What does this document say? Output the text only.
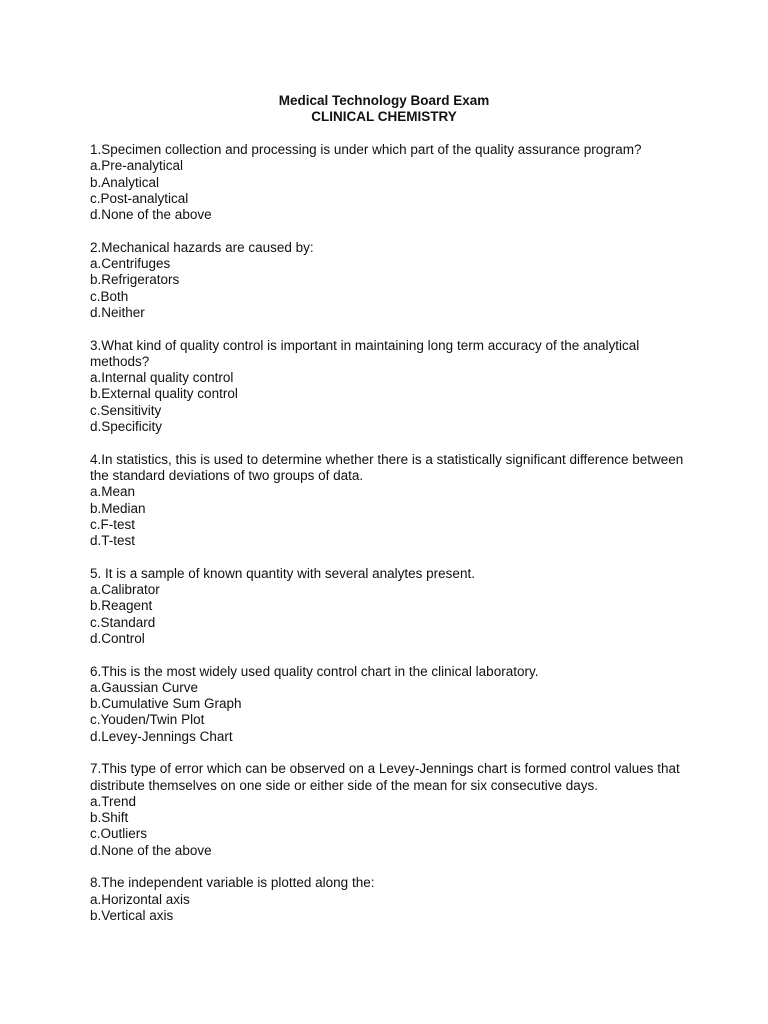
Medical Technology Board Exam
CLINICAL CHEMISTRY
1.Specimen collection and processing is under which part of the quality assurance program?
a.Pre-analytical
b.Analytical
c.Post-analytical
d.None of the above
2.Mechanical hazards are caused by:
a.Centrifuges
b.Refrigerators
c.Both
d.Neither
3.What kind of quality control is important in maintaining long term accuracy of the analytical methods?
a.Internal quality control
b.External quality control
c.Sensitivity
d.Specificity
4.In statistics, this is used to determine whether there is a statistically significant difference between the standard deviations of two groups of data.
a.Mean
b.Median
c.F-test
d.T-test
5. It is a sample of known quantity with several analytes present.
a.Calibrator
b.Reagent
c.Standard
d.Control
6.This is the most widely used quality control chart in the clinical laboratory.
a.Gaussian Curve
b.Cumulative Sum Graph
c.Youden/Twin Plot
d.Levey-Jennings Chart
7.This type of error which can be observed on a Levey-Jennings chart is formed control values that distribute themselves on one side or either side of the mean for six consecutive days.
a.Trend
b.Shift
c.Outliers
d.None of the above
8.The independent variable is plotted along the:
a.Horizontal axis
b.Vertical axis
